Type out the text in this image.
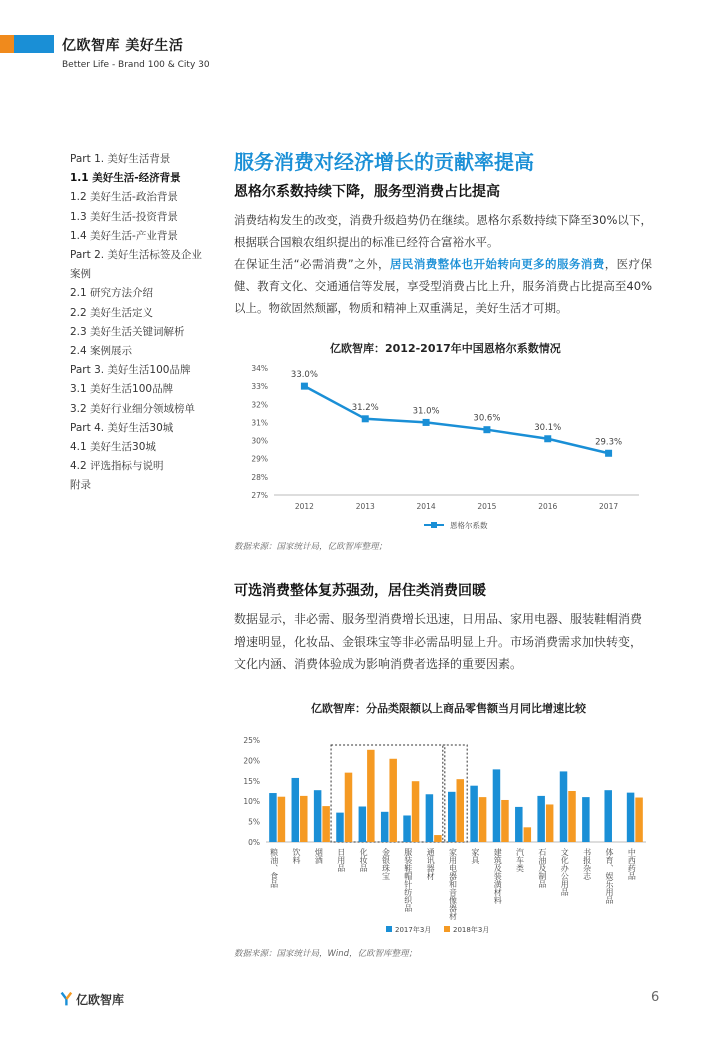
亿欧智库 美好生活
Better Life - Brand 100 & City 30
Part 1. 美好生活背景
1.1 美好生活-经济背景
1.2 美好生活-政治背景
1.3 美好生活-投资背景
1.4 美好生活-产业背景
Part 2. 美好生活标签及企业案例
2.1 研究方法介绍
2.2 美好生活定义
2.3 美好生活关键词解析
2.4 案例展示
Part 3. 美好生活100品牌
3.1 美好生活100品牌
3.2 美好行业细分领域榜单
Part 4. 美好生活30城
4.1 美好生活30城
4.2 评选指标与说明
附录
服务消费对经济增长的贡献率提高
恩格尔系数持续下降，服务型消费占比提高
消费结构发生的改变，消费升级趋势仍在继续。恩格尔系数持续下降至30%以下，根据联合国粮农组织提出的标准已经符合富裕水平。
在保证生活“必需消费”之外，居民消费整体也开始转向更多的服务消费，医疗保健、教育文化、交通通信等发展，享受型消费占比上升，服务消费占比提高至40%以上。物欲固然颓鄙，物质和精神上双重满足，美好生活才可期。
亿欧智库：2012-2017年中国恩格尔系数情况
27%
28%
29%
30%
31%
32%
33%
34%
33.0%
2012
31.2%
2013
31.0%
2014
30.6%
2015
30.1%
2016
29.3%
2017
恩格尔系数
数据来源：国家统计局，亿欧智库整理；
可选消费整体复苏强劲，居住类消费回暖
数据显示，非必需、服务型消费增长迅速，日用品、家用电器、服装鞋帽消费增速明显，化妆品、金银珠宝等非必需品明显上升。市场消费需求加快转变，文化内涵、消费体验成为影响消费者选择的重要因素。
亿欧智库：分品类限额以上商品零售额当月同比增速比较
0%
5%
10%
15%
20%
25%
粮油、食品 饮料 烟酒 日用品 化妆品 金银珠宝 服装鞋帽针纺织品 通讯器材 家用电器和音像器材 家具 建筑及装潢材料 汽车类 石油及制品 文化办公用品 书报杂志 体育、娱乐用品 中西药品
2017年3月	2018年3月
数据来源：国家统计局，Wind，亿欧智库整理；
亿欧智库	6
